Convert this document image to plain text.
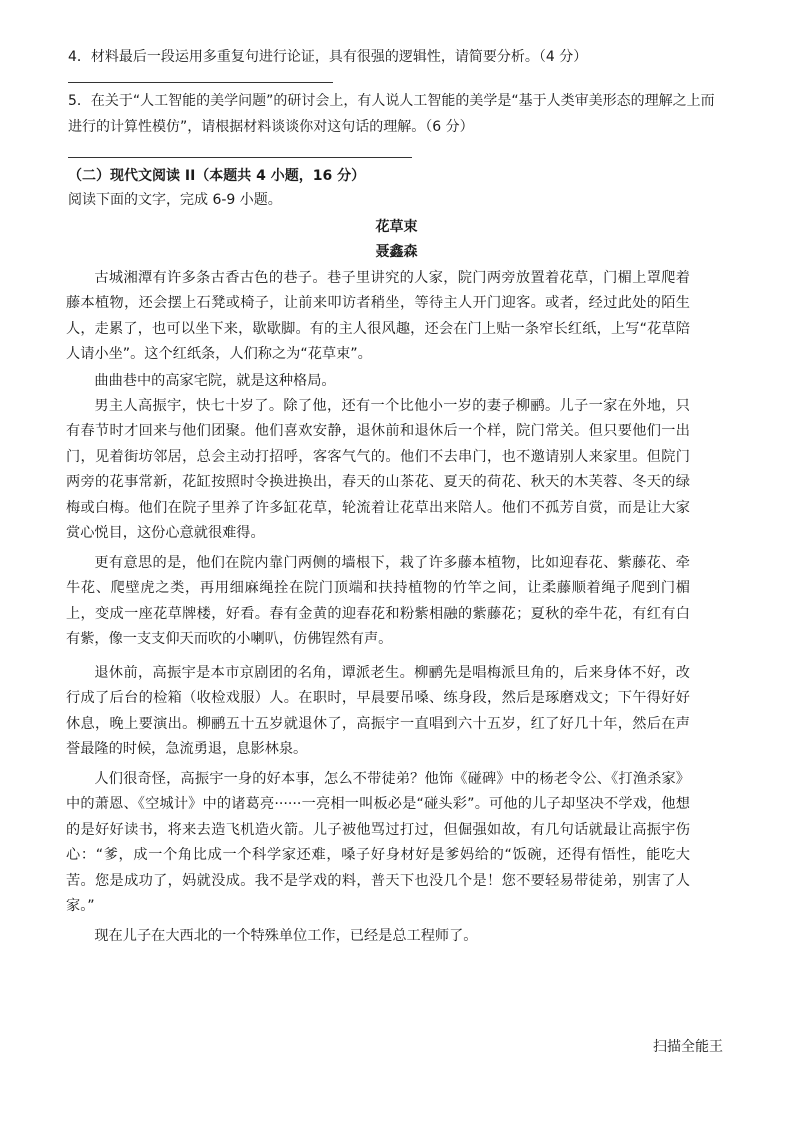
4．材料最后一段运用多重复句进行论证，具有很强的逻辑性，请简要分析。（4 分）

5．在关于“人工智能的美学问题”的研讨会上，有人说人工智能的美学是“基于人类审美形态的理解之上而进行的计算性模仿”，请根据材料谈谈你对这句话的理解。（6 分）

（二）现代文阅读 II（本题共 4 小题，16 分）

阅读下面的文字，完成 6-9 小题。

花草束

聂鑫森

古城湘潭有许多条古香古色的巷子。巷子里讲究的人家，院门两旁放置着花草，门楣上罩爬着藤本植物，还会摆上石凳或椅子，让前来叩访者稍坐，等待主人开门迎客。或者，经过此处的陌生人，走累了，也可以坐下来，歇歇脚。有的主人很风趣，还会在门上贴一条窄长红纸，上写“花草陪人请小坐”。这个红纸条，人们称之为“花草束”。

曲曲巷中的高家宅院，就是这种格局。

男主人高振宇，快七十岁了。除了他，还有一个比他小一岁的妻子柳鹂。儿子一家在外地，只有春节时才回来与他们团聚。他们喜欢安静，退休前和退休后一个样，院门常关。但只要他们一出门，见着街坊邻居，总会主动打招呼，客客气气的。他们不去串门，也不邀请别人来家里。但院门两旁的花事常新，花缸按照时令换进换出，春天的山茶花、夏天的荷花、秋天的木芙蓉、冬天的绿梅或白梅。他们在院子里养了许多缸花草，轮流着让花草出来陪人。他们不孤芳自赏，而是让大家赏心悦目，这份心意就很难得。

更有意思的是，他们在院内靠门两侧的墙根下，栽了许多藤本植物，比如迎春花、紫藤花、牵牛花、爬壁虎之类，再用细麻绳拴在院门顶端和扶持植物的竹竿之间，让柔藤顺着绳子爬到门楣上，变成一座花草牌楼，好看。春有金黄的迎春花和粉紫相融的紫藤花；夏秋的牵牛花，有红有白有紫，像一支支仰天而吹的小喇叭，仿佛锃然有声。

退休前，高振宇是本市京剧团的名角，谭派老生。柳鹂先是唱梅派旦角的，后来身体不好，改行成了后台的检箱（收检戏服）人。在职时，早晨要吊嗓、练身段，然后是琢磨戏文；下午得好好休息，晚上要演出。柳鹂五十五岁就退休了，高振宇一直唱到六十五岁，红了好几十年，然后在声誉最隆的时候，急流勇退，息影林泉。

人们很奇怪，高振宇一身的好本事，怎么不带徒弟？他饰《碰碑》中的杨老令公、《打渔杀家》中的萧恩、《空城计》中的诸葛亮······一亮相一叫板必是“碰头彩”。可他的儿子却坚决不学戏，他想的是好好读书，将来去造飞机造火箭。儿子被他骂过打过，但倔强如故，有几句话就最让高振宇伤心：“爹，成一个角比成一个科学家还难，嗓子好身材好是爹妈给的“饭碗，还得有悟性，能吃大苦。您是成功了，妈就没成。我不是学戏的料，普天下也没几个是！您不要轻易带徒弟，别害了人家。”

现在儿子在大西北的一个特殊单位工作，已经是总工程师了。

扫描全能王
